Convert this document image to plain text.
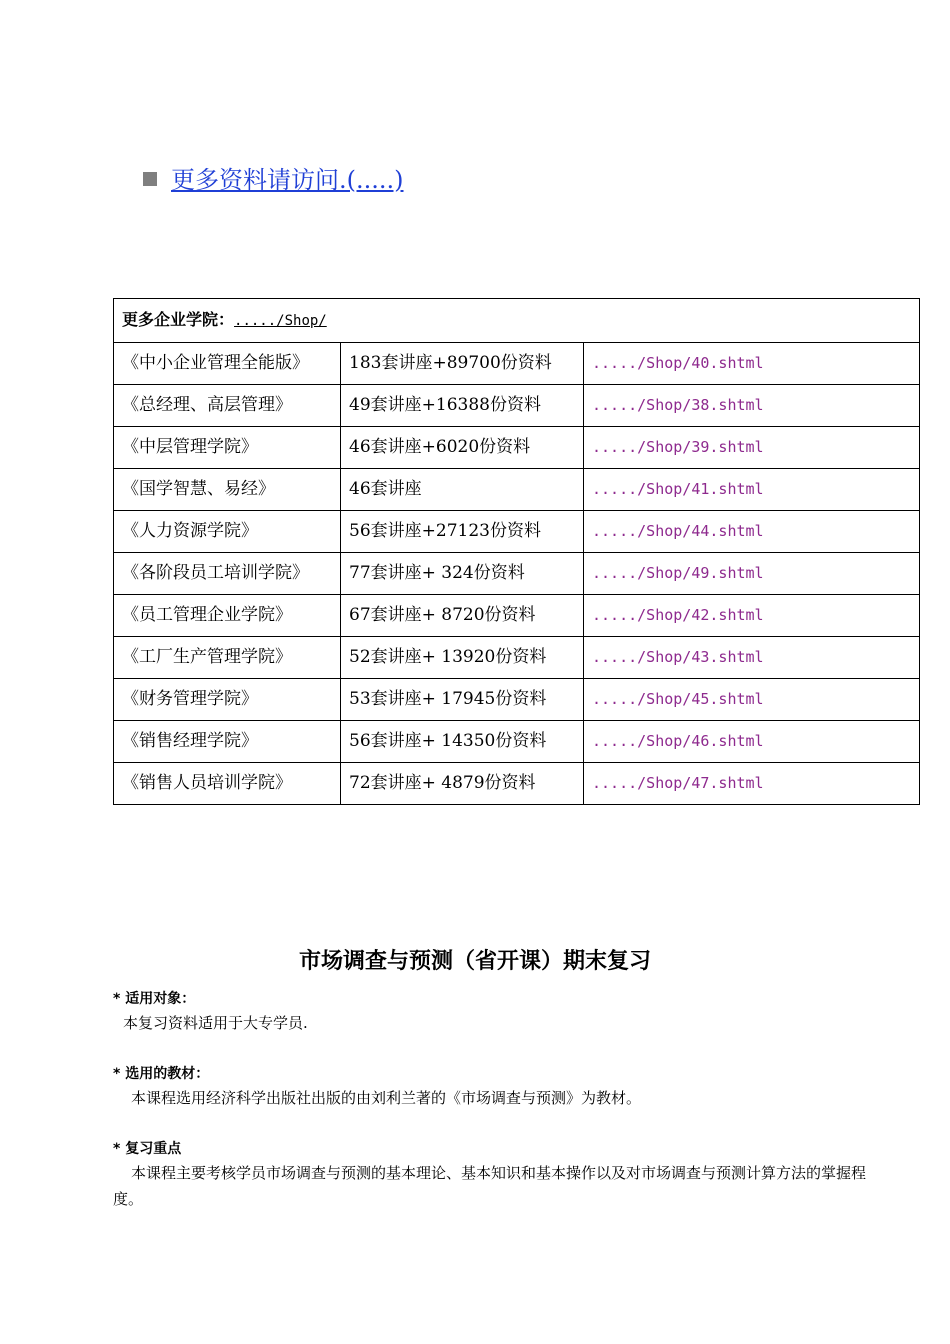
更多资料请访问.(.....)
更多企业学院：...../Shop/		
《中小企业管理全能版》	183套讲座+89700份资料	...../Shop/40.shtml
《总经理、高层管理》	49套讲座+16388份资料	...../Shop/38.shtml
《中层管理学院》	46套讲座+6020份资料	...../Shop/39.shtml
《国学智慧、易经》	46套讲座	...../Shop/41.shtml
《人力资源学院》	56套讲座+27123份资料	...../Shop/44.shtml
《各阶段员工培训学院》	77套讲座+ 324份资料	...../Shop/49.shtml
《员工管理企业学院》	67套讲座+ 8720份资料	...../Shop/42.shtml
《工厂生产管理学院》	52套讲座+ 13920份资料	...../Shop/43.shtml
《财务管理学院》	53套讲座+ 17945份资料	...../Shop/45.shtml
《销售经理学院》	56套讲座+ 14350份资料	...../Shop/46.shtml
《销售人员培训学院》	72套讲座+ 4879份资料	...../Shop/47.shtml
市场调查与预测（省开课）期末复习
* 适用对象：
本复习资料适用于大专学员.
* 选用的教材：
本课程选用经济科学出版社出版的由刘利兰著的《市场调查与预测》为教材。
* 复习重点
本课程主要考核学员市场调查与预测的基本理论、基本知识和基本操作以及对市场调查与预测计算方法的掌握程度。
